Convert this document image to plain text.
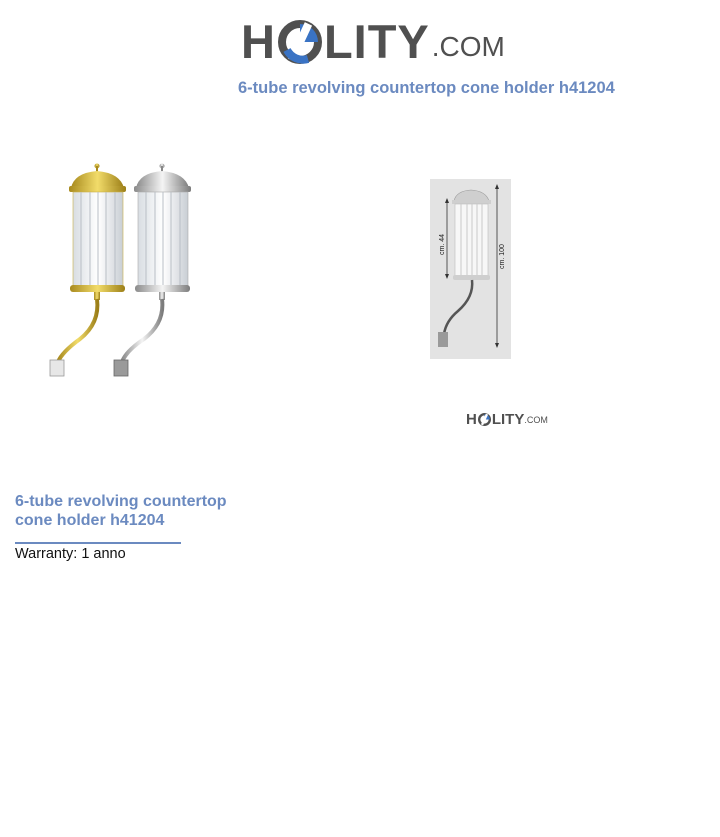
H LITY .COM
6-tube revolving countertop cone holder h41204
cm. 44	cm. 100
H LITY .COM
6-tube revolving countertop cone holder h41204
Warranty: 1 anno
